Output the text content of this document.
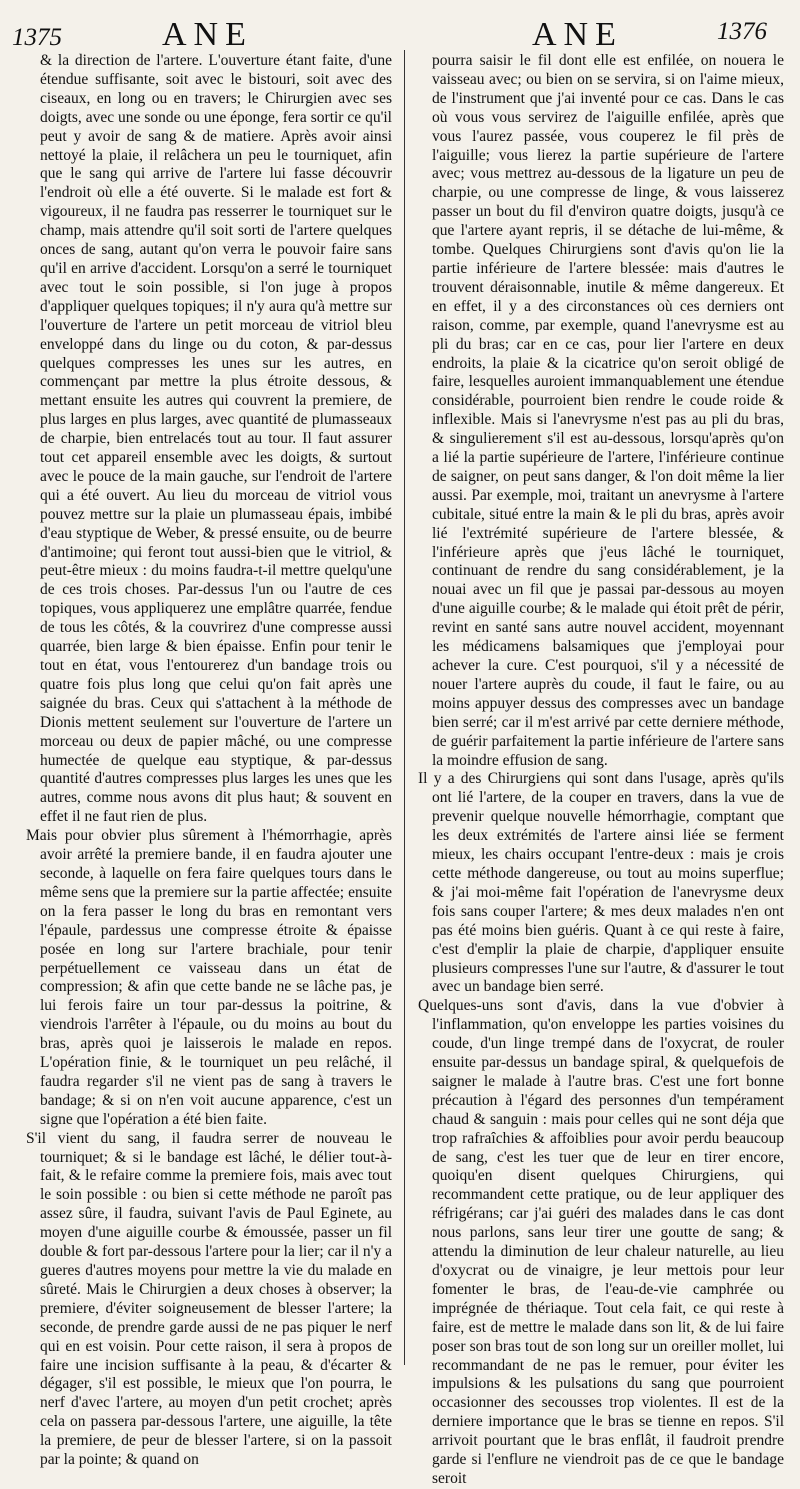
1375	ANE	ANE	1376

& la direction de l'artere. L'ouverture étant faite, d'une étendue suffisante, soit avec le bistouri, soit avec des ciseaux, en long ou en travers; le Chirurgien avec ses doigts, avec une sonde ou une éponge, fera sortir ce qu'il peut y avoir de sang & de matiere. Après avoir ainsi nettoyé la plaie, il relâchera un peu le tourniquet, afin que le sang qui arrive de l'artere lui fasse découvrir l'endroit où elle a été ouverte. Si le malade est fort & vigoureux, il ne faudra pas resserrer le tourniquet sur le champ, mais attendre qu'il soit sorti de l'artere quelques onces de sang, autant qu'on verra le pouvoir faire sans qu'il en arrive d'accident. Lorsqu'on a serré le tourniquet avec tout le soin possible, si l'on juge à propos d'appliquer quelques topiques; il n'y aura qu'à mettre sur l'ouverture de l'artere un petit morceau de vitriol bleu enveloppé dans du linge ou du coton, & par-dessus quelques compresses les unes sur les autres, en commençant par mettre la plus étroite dessous, & mettant ensuite les autres qui couvrent la premiere, de plus larges en plus larges, avec quantité de plumasseaux de charpie, bien entrelacés tout au tour. Il faut assurer tout cet appareil ensemble avec les doigts, & surtout avec le pouce de la main gauche, sur l'endroit de l'artere qui a été ouvert. Au lieu du morceau de vitriol vous pouvez mettre sur la plaie un plumasseau épais, imbibé d'eau styptique de Weber, & pressé ensuite, ou de beurre d'antimoine; qui feront tout aussi-bien que le vitriol, & peut-être mieux : du moins faudra-t-il mettre quelqu'une de ces trois choses. Par-dessus l'un ou l'autre de ces topiques, vous appliquerez une emplâtre quarrée, fendue de tous les côtés, & la couvrirez d'une compresse aussi quarrée, bien large & bien épaisse. Enfin pour tenir le tout en état, vous l'entourerez d'un bandage trois ou quatre fois plus long que celui qu'on fait après une saignée du bras. Ceux qui s'attachent à la méthode de Dionis mettent seulement sur l'ouverture de l'artere un morceau ou deux de papier mâché, ou une compresse humectée de quelque eau styptique, & par-dessus quantité d'autres compresses plus larges les unes que les autres, comme nous avons dit plus haut; & souvent en effet il ne faut rien de plus.

Mais pour obvier plus sûrement à l'hémorrhagie, après avoir arrêté la premiere bande, il en faudra ajouter une seconde, à laquelle on fera faire quelques tours dans le même sens que la premiere sur la partie affectée; ensuite on la fera passer le long du bras en remontant vers l'épaule, pardessus une compresse étroite & épaisse posée en long sur l'artere brachiale, pour tenir perpétuellement ce vaisseau dans un état de compression; & afin que cette bande ne se lâche pas, je lui ferois faire un tour par-dessus la poitrine, & viendrois l'arrêter à l'épaule, ou du moins au bout du bras, après quoi je laisserois le malade en repos. L'opération finie, & le tourniquet un peu relâché, il faudra regarder s'il ne vient pas de sang à travers le bandage; & si on n'en voit aucune apparence, c'est un signe que l'opération a été bien faite.

S'il vient du sang, il faudra serrer de nouveau le tourniquet; & si le bandage est lâché, le délier tout-à-fait, & le refaire comme la premiere fois, mais avec tout le soin possible : ou bien si cette méthode ne paroît pas assez sûre, il faudra, suivant l'avis de Paul Eginete, au moyen d'une aiguille courbe & émoussée, passer un fil double & fort par-dessous l'artere pour la lier; car il n'y a gueres d'autres moyens pour mettre la vie du malade en sûreté. Mais le Chirurgien a deux choses à observer; la premiere, d'éviter soigneusement de blesser l'artere; la seconde, de prendre garde aussi de ne pas piquer le nerf qui en est voisin. Pour cette raison, il sera à propos de faire une incision suffisante à la peau, & d'écarter & dégager, s'il est possible, le mieux que l'on pourra, le nerf d'avec l'artere, au moyen d'un petit crochet; après cela on passera par-dessous l'artere, une aiguille, la tête la premiere, de peur de blesser l'artere, si on la passoit par la pointe; & quand on

pourra saisir le fil dont elle est enfilée, on nouera le vaisseau avec; ou bien on se servira, si on l'aime mieux, de l'instrument que j'ai inventé pour ce cas. Dans le cas où vous vous servirez de l'aiguille enfilée, après que vous l'aurez passée, vous couperez le fil près de l'aiguille; vous lierez la partie supérieure de l'artere avec; vous mettrez au-dessous de la ligature un peu de charpie, ou une compresse de linge, & vous laisserez passer un bout du fil d'environ quatre doigts, jusqu'à ce que l'artere ayant repris, il se détache de lui-même, & tombe. Quelques Chirurgiens sont d'avis qu'on lie la partie inférieure de l'artere blessée: mais d'autres le trouvent déraisonnable, inutile & même dangereux. Et en effet, il y a des circonstances où ces derniers ont raison, comme, par exemple, quand l'anevrysme est au pli du bras; car en ce cas, pour lier l'artere en deux endroits, la plaie & la cicatrice qu'on seroit obligé de faire, lesquelles auroient immanquablement une étendue considérable, pourroient bien rendre le coude roide & inflexible. Mais si l'anevrysme n'est pas au pli du bras, & singulierement s'il est au-dessous, lorsqu'après qu'on a lié la partie supérieure de l'artere, l'inférieure continue de saigner, on peut sans danger, & l'on doit même la lier aussi. Par exemple, moi, traitant un anevrysme à l'artere cubitale, situé entre la main & le pli du bras, après avoir lié l'extrémité supérieure de l'artere blessée, & l'inférieure après que j'eus lâché le tourniquet, continuant de rendre du sang considérablement, je la nouai avec un fil que je passai par-dessous au moyen d'une aiguille courbe; & le malade qui étoit prêt de périr, revint en santé sans autre nouvel accident, moyennant les médicamens balsamiques que j'employai pour achever la cure. C'est pourquoi, s'il y a nécessité de nouer l'artere auprès du coude, il faut le faire, ou au moins appuyer dessus des compresses avec un bandage bien serré; car il m'est arrivé par cette derniere méthode, de guérir parfaitement la partie inférieure de l'artere sans la moindre effusion de sang.

Il y a des Chirurgiens qui sont dans l'usage, après qu'ils ont lié l'artere, de la couper en travers, dans la vue de prevenir quelque nouvelle hémorrhagie, comptant que les deux extrémités de l'artere ainsi liée se ferment mieux, les chairs occupant l'entre-deux : mais je crois cette méthode dangereuse, ou tout au moins superflue; & j'ai moi-même fait l'opération de l'anevrysme deux fois sans couper l'artere; & mes deux malades n'en ont pas été moins bien guéris. Quant à ce qui reste à faire, c'est d'emplir la plaie de charpie, d'appliquer ensuite plusieurs compresses l'une sur l'autre, & d'assurer le tout avec un bandage bien serré.

Quelques-uns sont d'avis, dans la vue d'obvier à l'inflammation, qu'on enveloppe les parties voisines du coude, d'un linge trempé dans de l'oxycrat, de rouler ensuite par-dessus un bandage spiral, & quelquefois de saigner le malade à l'autre bras. C'est une fort bonne précaution à l'égard des personnes d'un tempérament chaud & sanguin : mais pour celles qui ne sont déja que trop rafraîchies & affoiblies pour avoir perdu beaucoup de sang, c'est les tuer que de leur en tirer encore, quoiqu'en disent quelques Chirurgiens, qui recommandent cette pratique, ou de leur appliquer des réfrigérans; car j'ai guéri des malades dans le cas dont nous parlons, sans leur tirer une goutte de sang; & attendu la diminution de leur chaleur naturelle, au lieu d'oxycrat ou de vinaigre, je leur mettois pour leur fomenter le bras, de l'eau-de-vie camphrée ou imprégnée de thériaque. Tout cela fait, ce qui reste à faire, est de mettre le malade dans son lit, & de lui faire poser son bras tout de son long sur un oreiller mollet, lui recommandant de ne pas le remuer, pour éviter les impulsions & les pulsations du sang que pourroient occasionner des secousses trop violentes. Il est de la derniere importance que le bras se tienne en repos. S'il arrivoit pourtant que le bras enflât, il faudroit prendre garde si l'enflure ne viendroit pas de ce que le bandage seroit
